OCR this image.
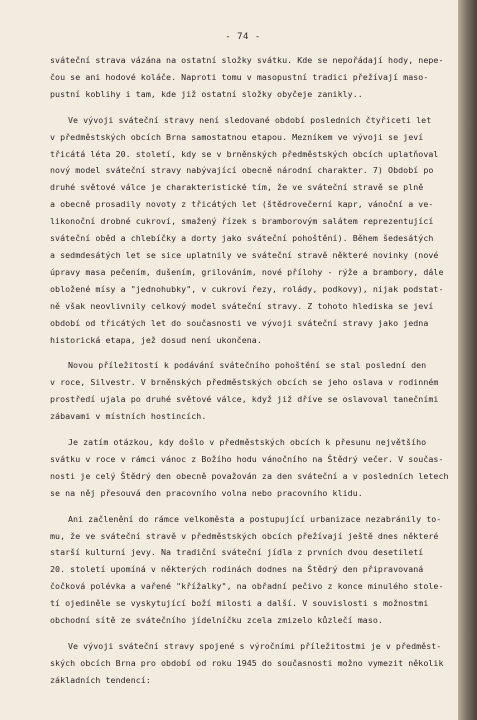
- 74 -
sváteční strava vázána na ostatní složky svátku. Kde se nepořádají hody, nepe-
čou se ani hodové koláče. Naproti tomu v masopustní tradici přežívají maso-
pustní koblihy i tam, kde již ostatní složky obyčeje zanikly..
Ve vývoji sváteční stravy není sledované období posledních čtyřiceti let
v předměstských obcích Brna samostatnou etapou. Mezníkem ve vývoji se jeví
třicátá léta 20. století, kdy se v brněnských předměstských obcích uplatňoval
nový model sváteční stravy nabývající obecně národní charakter. 7) Období po
druhé světové válce je charakteristické tím, že ve sváteční stravě se plně
a obecně prosadily novoty z třicátých let (štědrovečerní kapr, vánoční a ve-
likonoční drobné cukroví, smažený řízek s bramborovým salátem reprezentující
sváteční oběd a chlebíčky a dorty jako sváteční pohoštění). Během šedesátých
a sedmdesátých let se sice uplatnily ve sváteční stravě některé novinky (nové
úpravy masa pečením, dušením, grilováním, nové přílohy - rýže a brambory, dále
obložené mísy a "jednohubky", v cukroví řezy, rolády, podkovy), nijak podstat-
ně však neovlivnily celkový model sváteční stravy. Z tohoto hlediska se jeví
období od třicátých let do současnosti ve vývoji sváteční stravy jako jedna
historická etapa, jež dosud není ukončena.
Novou příležitostí k podávání svátečního pohoštění se stal poslední den
v roce, Silvestr. V brněnských předměstských obcích se jeho oslava v rodinném
prostředí ujala po druhé světové válce, když již dříve se oslavoval tanečními
zábavami v místních hostincích.
Je zatím otázkou, kdy došlo v předměstských obcích k přesunu největšího
svátku v roce v rámci vánoc z Božího hodu vánočního na Štědrý večer. V součas-
nosti je celý Štědrý den obecně považován za den sváteční a v posledních letech
se na něj přesouvá den pracovního volna nebo pracovního klidu.
Ani začlenění do rámce velkoměsta a postupující urbanizace nezabránily to-
mu, že ve sváteční stravě v předměstských obcích přežívají ještě dnes některé
starší kulturní jevy. Na tradiční sváteční jídla z prvních dvou desetiletí
20. století upomíná v některých rodinách dodnes na Štědrý den připravovaná
čočková polévka a vařené "křížalky", na obřadní pečivo z konce minulého stole-
tí ojediněle se vyskytující boží milosti a další. V souvislosti s možnostmi
obchodní sítě ze svátečního jídelníčku zcela zmizelo kůzlečí maso.
Ve vývoji sváteční stravy spojené s výročními příležitostmi je v předměst-
ských obcích Brna pro období od roku 1945 do současnosti možno vymezit několik
základních tendencí:
